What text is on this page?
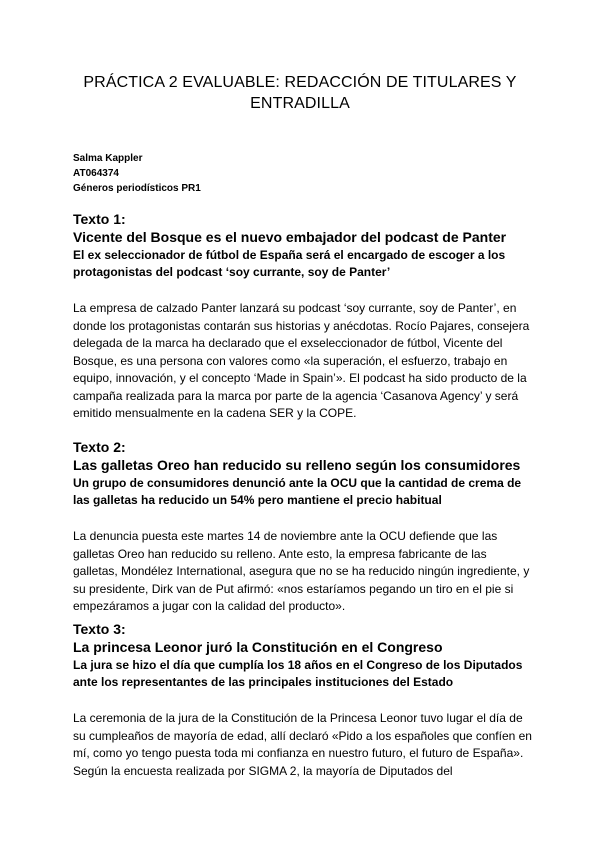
PRÁCTICA 2 EVALUABLE: REDACCIÓN DE TITULARES Y ENTRADILLA
Salma Kappler
AT064374
Géneros periodísticos PR1

Texto 1:

Vicente del Bosque es el nuevo embajador del podcast de Panter

El ex seleccionador de fútbol de España será el encargado de escoger a los protagonistas del podcast ‘soy currante, soy de Panter’

La empresa de calzado Panter lanzará su podcast ‘soy currante, soy de Panter’, en donde los protagonistas contarán sus historias y anécdotas. Rocío Pajares, consejera delegada de la marca ha declarado que el exseleccionador de fútbol, Vicente del Bosque, es una persona con valores como «la superación, el esfuerzo, trabajo en equipo, innovación, y el concepto ‘Made in Spain’». El podcast ha sido producto de la campaña realizada para la marca por parte de la agencia ‘Casanova Agency’ y será emitido mensualmente en la cadena SER y la COPE.

Texto 2:

Las galletas Oreo han reducido su relleno según los consumidores

Un grupo de consumidores denunció ante la OCU que la cantidad de crema de las galletas ha reducido un 54% pero mantiene el precio habitual

La denuncia puesta este martes 14 de noviembre ante la OCU defiende que las galletas Oreo han reducido su relleno. Ante esto, la empresa fabricante de las galletas, Mondélez International, asegura que no se ha reducido ningún ingrediente, y su presidente, Dirk van de Put afirmó: «nos estaríamos pegando un tiro en el pie si empezáramos a jugar con la calidad del producto».

Texto 3:

La princesa Leonor juró la Constitución en el Congreso

La jura se hizo el día que cumplía los 18 años en el Congreso de los Diputados ante los representantes de las principales instituciones del Estado

La ceremonia de la jura de la Constitución de la Princesa Leonor tuvo lugar el día de su cumpleaños de mayoría de edad, allí declaró «Pido a los españoles que confíen en mí, como yo tengo puesta toda mi confianza en nuestro futuro, el futuro de España». Según la encuesta realizada por SIGMA 2, la mayoría de Diputados del
